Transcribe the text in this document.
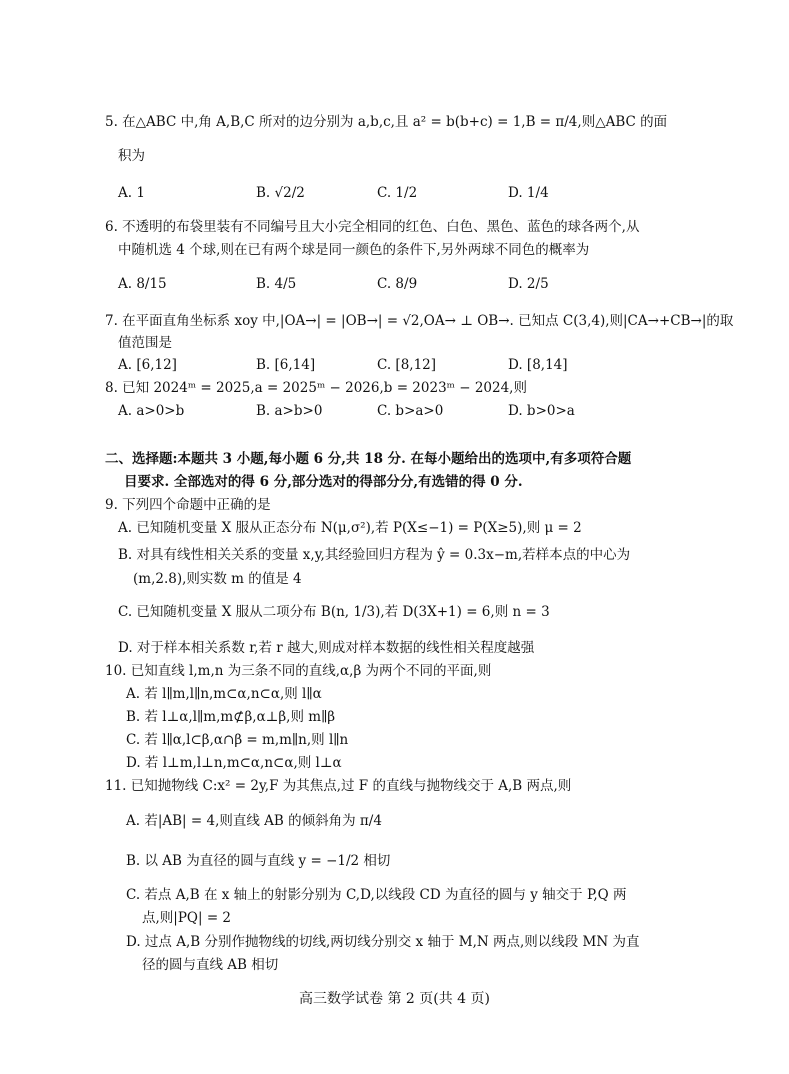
5. 在△ABC 中,角 A,B,C 所对的边分别为 a,b,c,且 a² = b(b+c) = 1,B = π/4,则△ABC 的面
积为
A. 1	B. √2/2	C. 1/2	D. 1/4
6. 不透明的布袋里装有不同编号且大小完全相同的红色、白色、黑色、蓝色的球各两个,从
中随机选 4 个球,则在已有两个球是同一颜色的条件下,另外两球不同色的概率为
A. 8/15	B. 4/5	C. 8/9	D. 2/5
7. 在平面直角坐标系 xoy 中,|OA→| = |OB→| = √2,OA→ ⊥ OB→. 已知点 C(3,4),则|CA→+CB→|的取
值范围是
A. [6,12]	B. [6,14]	C. [8,12]	D. [8,14]
8. 已知 2024ᵐ = 2025,a = 2025ᵐ − 2026,b = 2023ᵐ − 2024,则
A. a>0>b	B. a>b>0	C. b>a>0	D. b>0>a
二、选择题:本题共 3 小题,每小题 6 分,共 18 分. 在每小题给出的选项中,有多项符合题
目要求. 全部选对的得 6 分,部分选对的得部分分,有选错的得 0 分.
9. 下列四个命题中正确的是
A. 已知随机变量 X 服从正态分布 N(μ,σ²),若 P(X≤−1) = P(X≥5),则 μ = 2
B. 对具有线性相关关系的变量 x,y,其经验回归方程为 ŷ = 0.3x−m,若样本点的中心为
(m,2.8),则实数 m 的值是 4
C. 已知随机变量 X 服从二项分布 B(n, 1/3),若 D(3X+1) = 6,则 n = 3
D. 对于样本相关系数 r,若 r 越大,则成对样本数据的线性相关程度越强
10. 已知直线 l,m,n 为三条不同的直线,α,β 为两个不同的平面,则
A. 若 l∥m,l∥n,m⊂α,n⊂α,则 l∥α
B. 若 l⊥α,l∥m,m⊄β,α⊥β,则 m∥β
C. 若 l∥α,l⊂β,α∩β = m,m∥n,则 l∥n
D. 若 l⊥m,l⊥n,m⊂α,n⊂α,则 l⊥α
11. 已知抛物线 C:x² = 2y,F 为其焦点,过 F 的直线与抛物线交于 A,B 两点,则
A. 若|AB| = 4,则直线 AB 的倾斜角为 π/4
B. 以 AB 为直径的圆与直线 y = −1/2 相切
C. 若点 A,B 在 x 轴上的射影分别为 C,D,以线段 CD 为直径的圆与 y 轴交于 P,Q 两
点,则|PQ| = 2
D. 过点 A,B 分别作抛物线的切线,两切线分别交 x 轴于 M,N 两点,则以线段 MN 为直
径的圆与直线 AB 相切
高三数学试卷 第 2 页(共 4 页)
